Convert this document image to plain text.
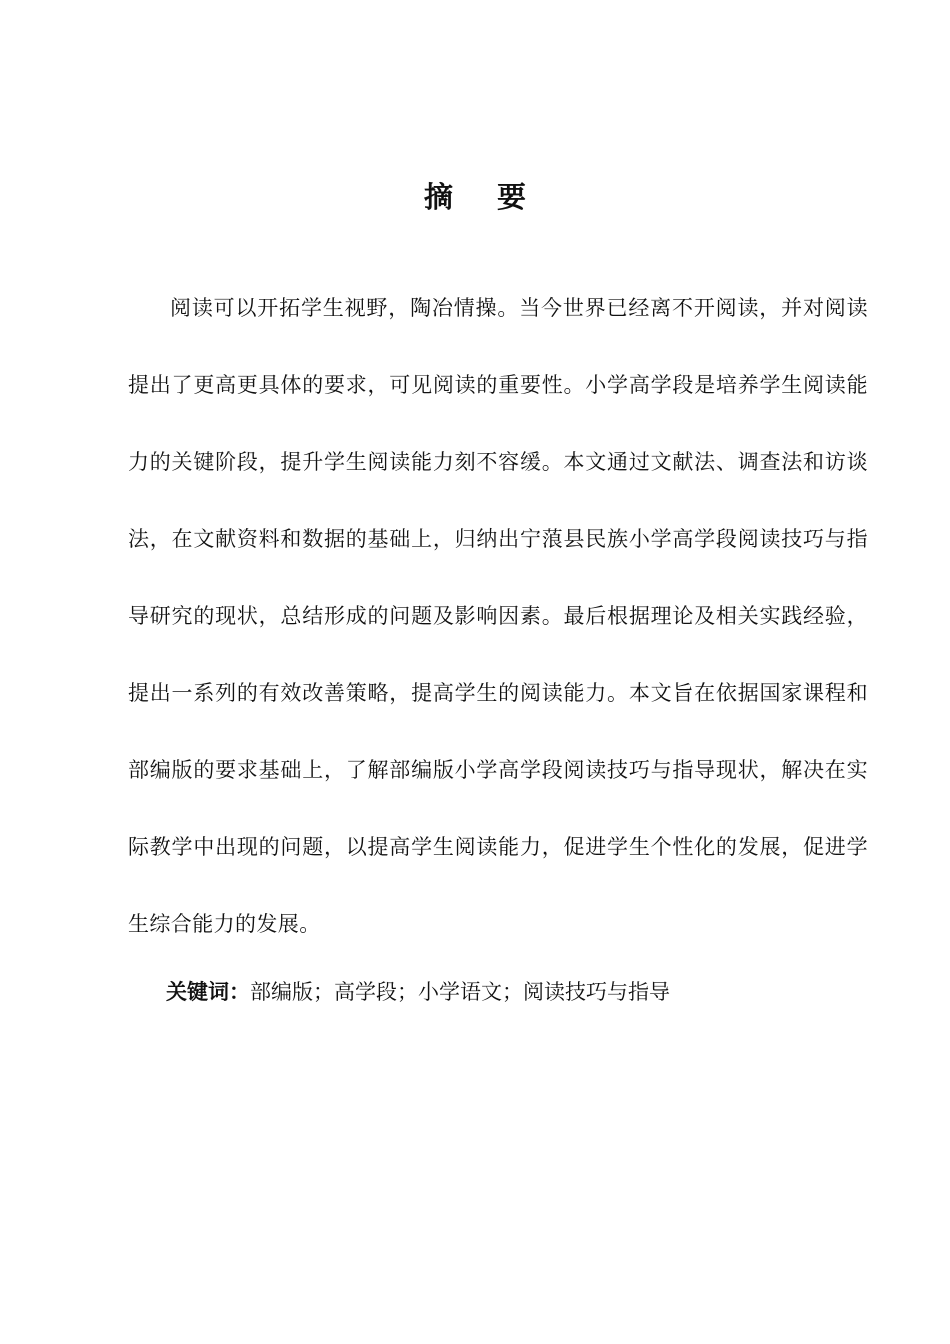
摘 要

阅读可以开拓学生视野，陶冶情操。当今世界已经离不开阅读，并对阅读提出了更高更具体的要求，可见阅读的重要性。小学高学段是培养学生阅读能力的关键阶段，提升学生阅读能力刻不容缓。本文通过文献法、调查法和访谈法，在文献资料和数据的基础上，归纳出宁蒗县民族小学高学段阅读技巧与指导研究的现状，总结形成的问题及影响因素。最后根据理论及相关实践经验，提出一系列的有效改善策略，提高学生的阅读能力。本文旨在依据国家课程和部编版的要求基础上，了解部编版小学高学段阅读技巧与指导现状，解决在实际教学中出现的问题，以提高学生阅读能力，促进学生个性化的发展，促进学生综合能力的发展。

关键词：部编版；高学段；小学语文；阅读技巧与指导
